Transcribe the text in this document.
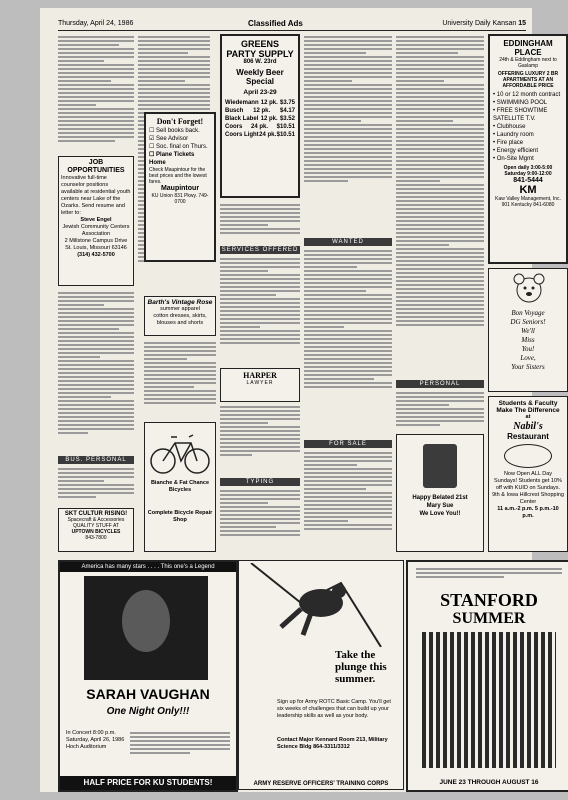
Thursday, April 24, 1986	Classified Ads	University Daily Kansan 15
JOB OPPORTUNITIES
Innovative full-time counselor positions available at residential youth centers near Lake of the Ozarks. Send resume and letter to:
Steve Engel
Jewish Community Centers Association
2 Millstone Campus Drive St. Louis, Missouri 63146
(314) 432-5700
BUS. PERSONAL
SKT CULTUR RISING!
Spacecraft & Accessories
QUALITY STUFF AT
UPTOWN BICYCLES
843-7800
Don't Forget!
☐ Sell books back.
☑ See Advisor
☐ Soc. final on Thurs.
☐ Plane Tickets Home
Check Maupintour for the best prices and the lowest fares.
Maupintour
KU Union 831 Pkwy. 749-0700
Barth's Vintage Rose
summer apparel
cotton dresses, skirts, blouses and shorts
Bianche & Fat Chance Bicycles
Complete Bicycle Repair Shop
GREENS PARTY SUPPLY
806 W. 23rd
Weekly Beer
Special
April 23-29
Wiedemann 12 pk. $3.75
Busch 12 pk. $4.17
Black Label 12 pk. $3.52
Coors 24 pk. $10.51
Coors Light 24 pk. $10.51
SERVICES OFFERED
HARPER
LAWYER
TYPING
WANTED
FOR SALE
PERSONAL
Happy Belated 21st
Mary Sue
We Love You!!
EDDINGHAM PLACE
24th & Eddingham next to Gaslamp
OFFERING LUXURY 2 BR APARTMENTS AT AN AFFORDABLE PRICE
• 10 or 12 month contract
• SWIMMING POOL
• FREE SHOWTIME SATELLITE T.V.
• Clubhouse
• Laundry room
• Fire place
• Energy efficient
• On-Site Mgmt
Open daily 3:00-5:00 Saturday 9:00-12:00
841-5444
KM
Kaw Valley Management, Inc. 901 Kentucky 841-6080
Bon Voyage
DG Seniors!
We'll
Miss
You!
Love,
Your Sisters
Students & Faculty
Make The Difference
at
Nabil's
Restaurant
Now Open ALL Day Sundays! Students get 10% off with KUID on Sundays.
9th & Iowa Hillcrest Shopping Center
11 a.m.-2 p.m. 5 p.m.-10 p.m.
America has many stars . . . . This one's a Legend
SARAH VAUGHAN
One Night Only!!!
In Concert 8:00 p.m. Saturday, April 26, 1986 Hoch Auditorium
HALF PRICE FOR KU STUDENTS!
Take the plunge this summer.
Sign up for Army ROTC Basic Camp. You'll get six weeks of challenges that can build up your leadership skills as well as your body.
Contact Major Kennard Room 213, Military Science Bldg 864-3311/3312
ARMY RESERVE OFFICERS' TRAINING CORPS
STANFORD
SUMMER
JUNE 23 THROUGH AUGUST 16
